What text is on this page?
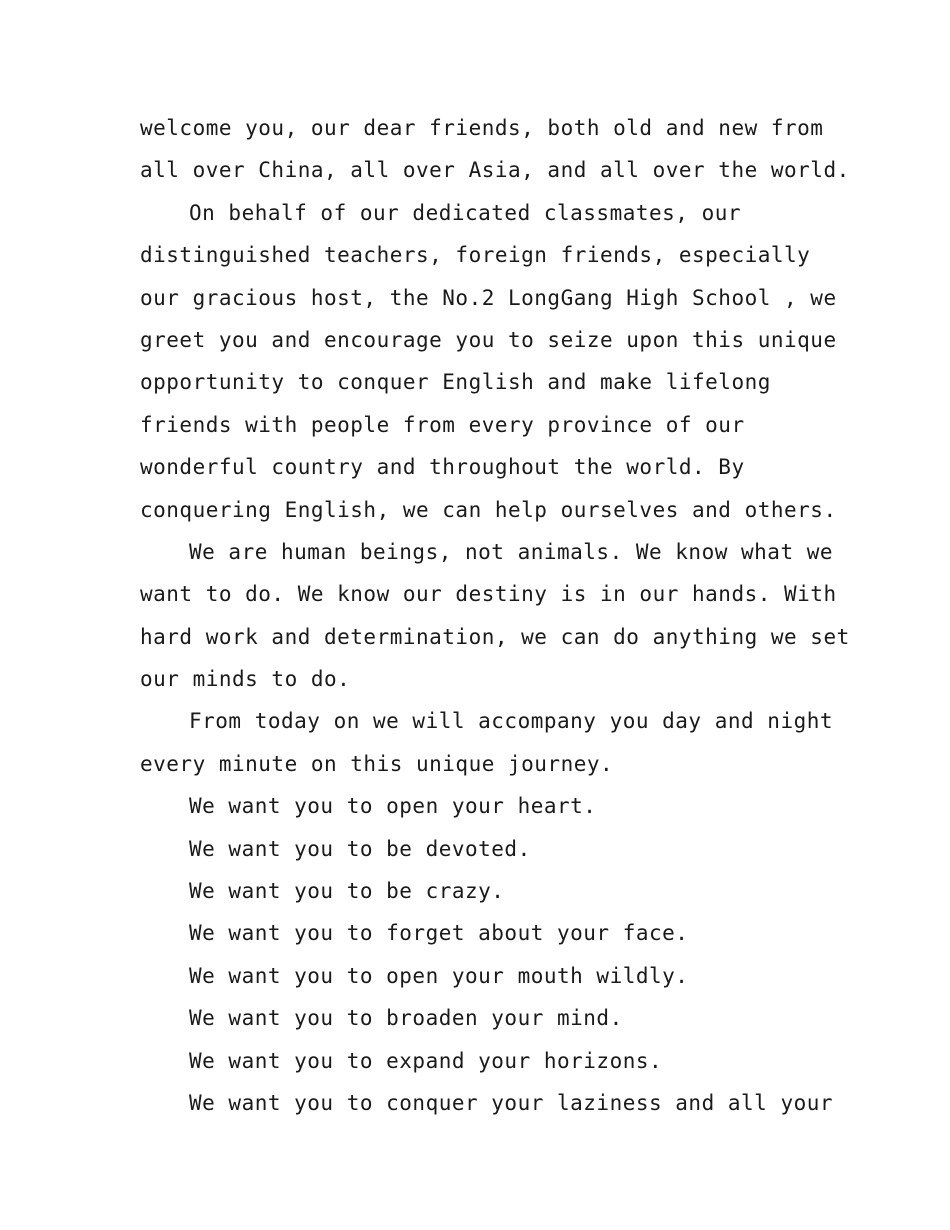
welcome you, our dear friends, both old and new from
all over China, all over Asia, and all over the world.
On behalf of our dedicated classmates, our
distinguished teachers, foreign friends, especially
our gracious host, the No.2 LongGang High School , we
greet you and encourage you to seize upon this unique
opportunity to conquer English and make lifelong
friends with people from every province of our
wonderful country and throughout the world. By
conquering English, we can help ourselves and others.
We are human beings, not animals. We know what we
want to do. We know our destiny is in our hands. With
hard work and determination, we can do anything we set
our minds to do.
From today on we will accompany you day and night
every minute on this unique journey.
We want you to open your heart.
We want you to be devoted.
We want you to be crazy.
We want you to forget about your face.
We want you to open your mouth wildly.
We want you to broaden your mind.
We want you to expand your horizons.
We want you to conquer your laziness and all your
